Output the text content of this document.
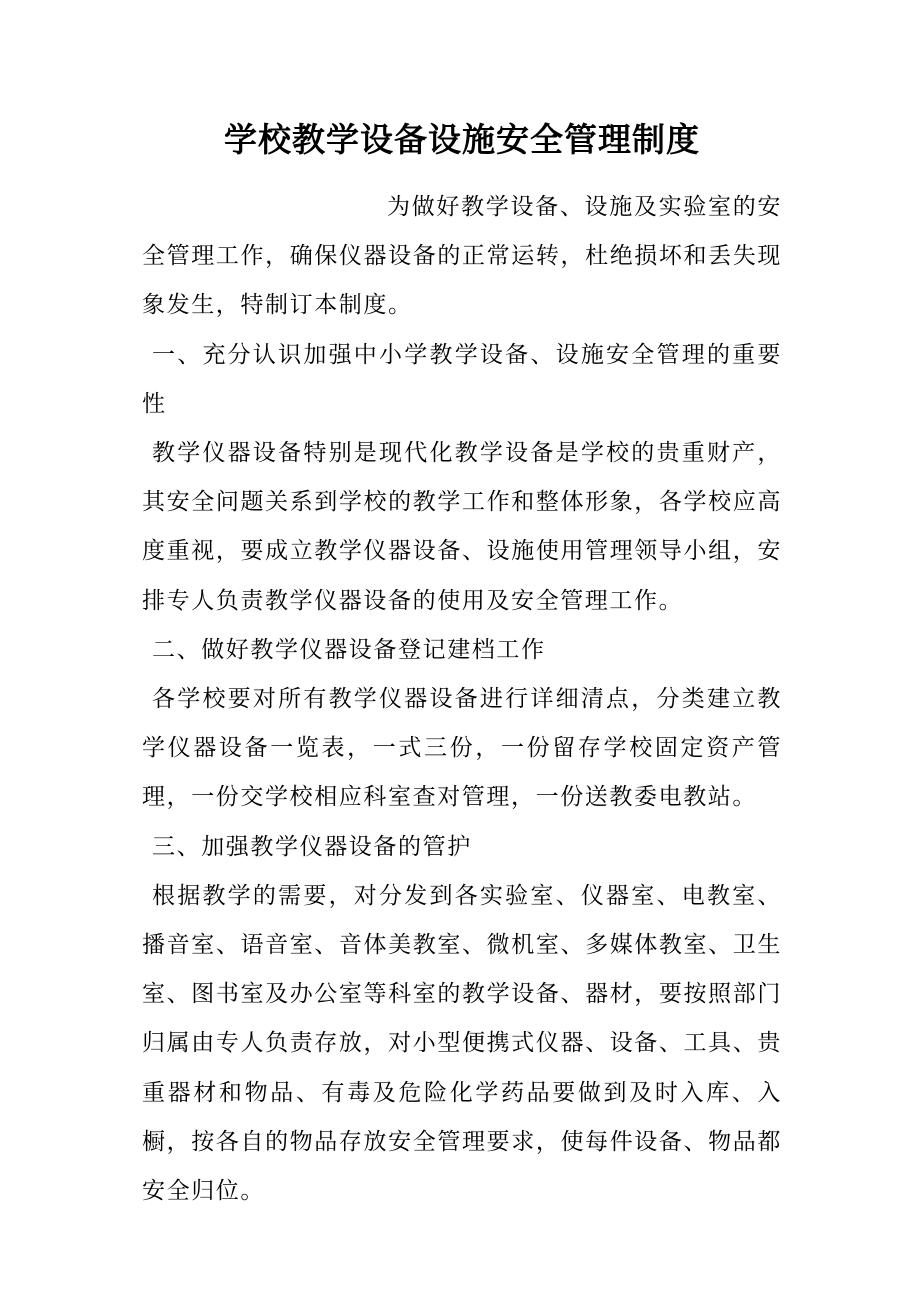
学校教学设备设施安全管理制度

为做好教学设备、设施及实验室的安全管理工作，确保仪器设备的正常运转，杜绝损坏和丢失现象发生，特制订本制度。

一、充分认识加强中小学教学设备、设施安全管理的重要性

教学仪器设备特别是现代化教学设备是学校的贵重财产，其安全问题关系到学校的教学工作和整体形象，各学校应高度重视，要成立教学仪器设备、设施使用管理领导小组，安排专人负责教学仪器设备的使用及安全管理工作。

二、做好教学仪器设备登记建档工作

各学校要对所有教学仪器设备进行详细清点，分类建立教学仪器设备一览表，一式三份，一份留存学校固定资产管理，一份交学校相应科室查对管理，一份送教委电教站。

三、加强教学仪器设备的管护

根据教学的需要，对分发到各实验室、仪器室、电教室、播音室、语音室、音体美教室、微机室、多媒体教室、卫生室、图书室及办公室等科室的教学设备、器材，要按照部门归属由专人负责存放，对小型便携式仪器、设备、工具、贵重器材和物品、有毒及危险化学药品要做到及时入库、入橱，按各自的物品存放安全管理要求，使每件设备、物品都安全归位。
